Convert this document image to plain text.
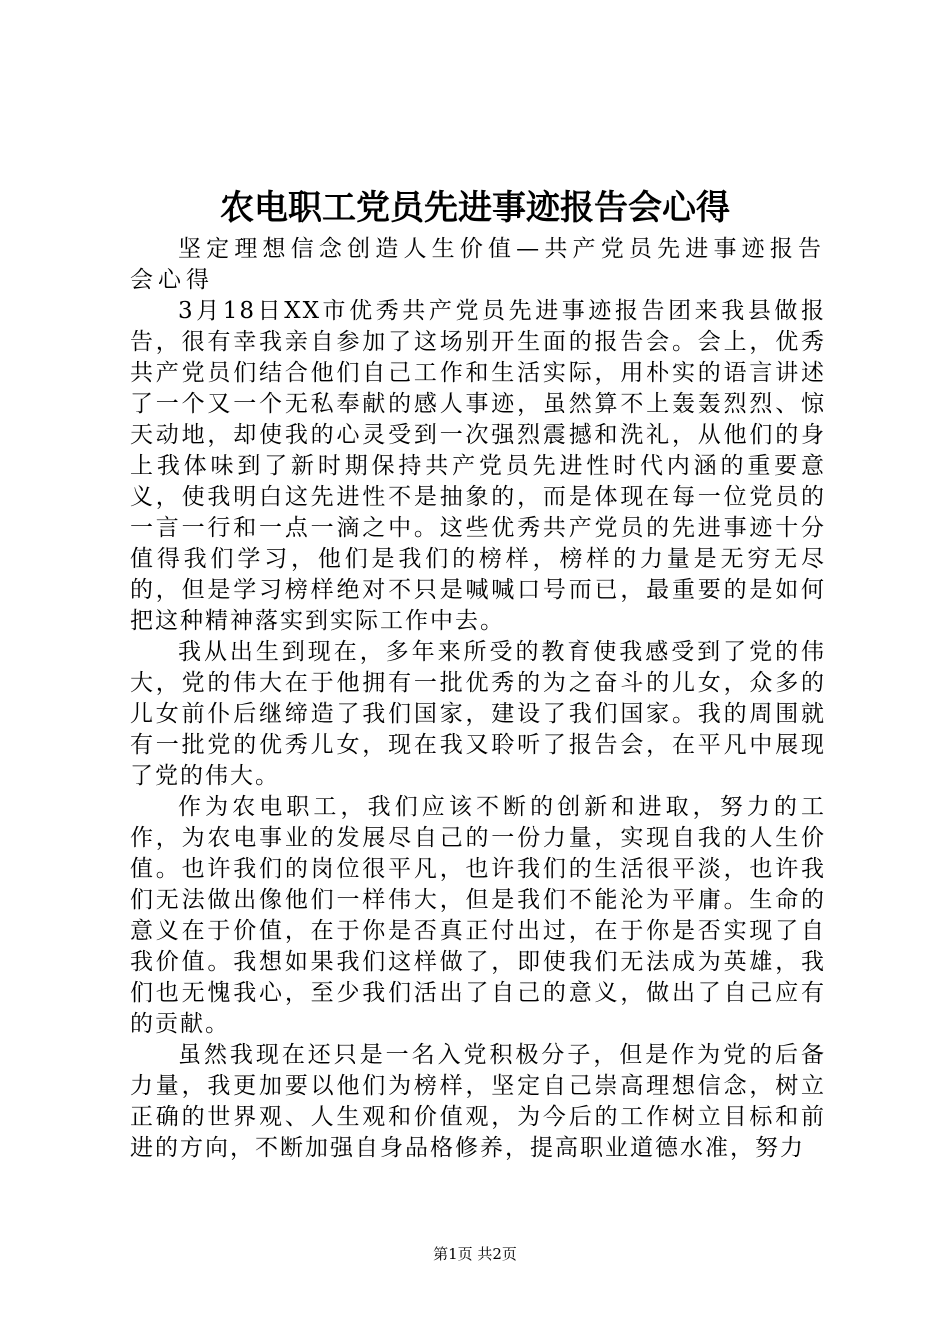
农电职工党员先进事迹报告会心得

坚定理想信念创造人生价值—共产党员先进事迹报告会心得

3月18日XX市优秀共产党员先进事迹报告团来我县做报告，很有幸我亲自参加了这场别开生面的报告会。会上，优秀共产党员们结合他们自己工作和生活实际，用朴实的语言讲述了一个又一个无私奉献的感人事迹，虽然算不上轰轰烈烈、惊天动地，却使我的心灵受到一次强烈震撼和洗礼，从他们的身上我体味到了新时期保持共产党员先进性时代内涵的重要意义，使我明白这先进性不是抽象的，而是体现在每一位党员的一言一行和一点一滴之中。这些优秀共产党员的先进事迹十分值得我们学习，他们是我们的榜样，榜样的力量是无穷无尽的，但是学习榜样绝对不只是喊喊口号而已，最重要的是如何把这种精神落实到实际工作中去。

我从出生到现在，多年来所受的教育使我感受到了党的伟大，党的伟大在于他拥有一批优秀的为之奋斗的儿女，众多的儿女前仆后继缔造了我们国家，建设了我们国家。我的周围就有一批党的优秀儿女，现在我又聆听了报告会，在平凡中展现了党的伟大。

作为农电职工，我们应该不断的创新和进取，努力的工作，为农电事业的发展尽自己的一份力量，实现自我的人生价值。也许我们的岗位很平凡，也许我们的生活很平淡，也许我们无法做出像他们一样伟大，但是我们不能沦为平庸。生命的意义在于价值，在于你是否真正付出过，在于你是否实现了自我价值。我想如果我们这样做了，即使我们无法成为英雄，我们也无愧我心，至少我们活出了自己的意义，做出了自己应有的贡献。

虽然我现在还只是一名入党积极分子，但是作为党的后备力量，我更加要以他们为榜样，坚定自己崇高理想信念，树立正确的世界观、人生观和价值观，为今后的工作树立目标和前进的方向，不断加强自身品格修养，提高职业道德水准，努力

第1页 共2页
